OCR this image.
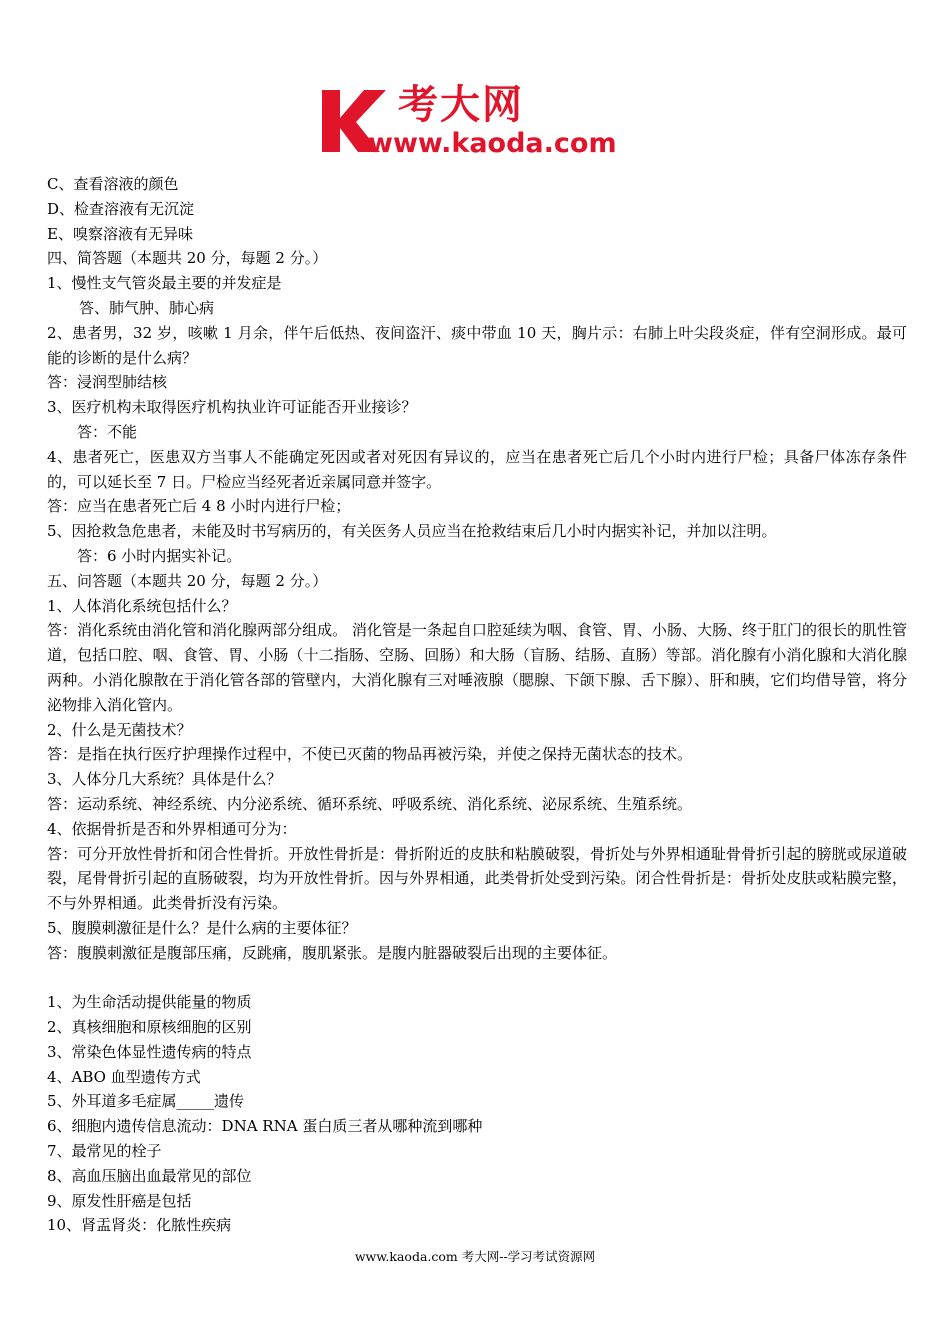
考大网
www.kaoda.com
C、查看溶液的颜色
D、检查溶液有无沉淀
E、嗅察溶液有无异味
四、简答题（本题共 20 分，每题 2 分。）
1、慢性支气管炎最主要的并发症是
答、肺气肿、肺心病
2、患者男，32 岁，咳嗽 1 月余，伴午后低热、夜间盗汗、痰中带血 10 天，胸片示：右肺上叶尖段炎症，伴有空洞形成。最可能的诊断的是什么病？
答：浸润型肺结核
3、医疗机构未取得医疗机构执业许可证能否开业接诊？
答：不能
4、患者死亡，医患双方当事人不能确定死因或者对死因有异议的，应当在患者死亡后几个小时内进行尸检；具备尸体冻存条件的，可以延长至 7 日。尸检应当经死者近亲属同意并签字。
答：应当在患者死亡后 4 8 小时内进行尸检；
5、因抢救急危患者，未能及时书写病历的，有关医务人员应当在抢救结束后几小时内据实补记，并加以注明。
答：6 小时内据实补记。
五、问答题（本题共 20 分，每题 2 分。）
1、人体消化系统包括什么？
答：消化系统由消化管和消化腺两部分组成。 消化管是一条起自口腔延续为咽、食管、胃、小肠、大肠、终于肛门的很长的肌性管道，包括口腔、咽、食管、胃、小肠（十二指肠、空肠、回肠）和大肠（盲肠、结肠、直肠）等部。消化腺有小消化腺和大消化腺两种。小消化腺散在于消化管各部的管壁内，大消化腺有三对唾液腺（腮腺、下颌下腺、舌下腺）、肝和胰，它们均借导管，将分泌物排入消化管内。
2、什么是无菌技术？
答：是指在执行医疗护理操作过程中，不使已灭菌的物品再被污染，并使之保持无菌状态的技术。
3、人体分几大系统？具体是什么？
答：运动系统、神经系统、内分泌系统、循环系统、呼吸系统、消化系统、泌尿系统、生殖系统。
4、依据骨折是否和外界相通可分为：
答：可分开放性骨折和闭合性骨折。开放性骨折是：骨折附近的皮肤和粘膜破裂，骨折处与外界相通耻骨骨折引起的膀胱或尿道破裂，尾骨骨折引起的直肠破裂，均为开放性骨折。因与外界相通，此类骨折处受到污染。闭合性骨折是：骨折处皮肤或粘膜完整，不与外界相通。此类骨折没有污染。
5、腹膜刺激征是什么？是什么病的主要体征？
答：腹膜刺激征是腹部压痛，反跳痛，腹肌紧张。是腹内脏器破裂后出现的主要体征。
1、为生命活动提供能量的物质
2、真核细胞和原核细胞的区别
3、常染色体显性遗传病的特点
4、ABO 血型遗传方式
5、外耳道多毛症属_____遗传
6、细胞内遗传信息流动：DNA RNA 蛋白质三者从哪种流到哪种
7、最常见的栓子
8、高血压脑出血最常见的部位
9、原发性肝癌是包括
10、肾盂肾炎：化脓性疾病
www.kaoda.com 考大网--学习考试资源网
